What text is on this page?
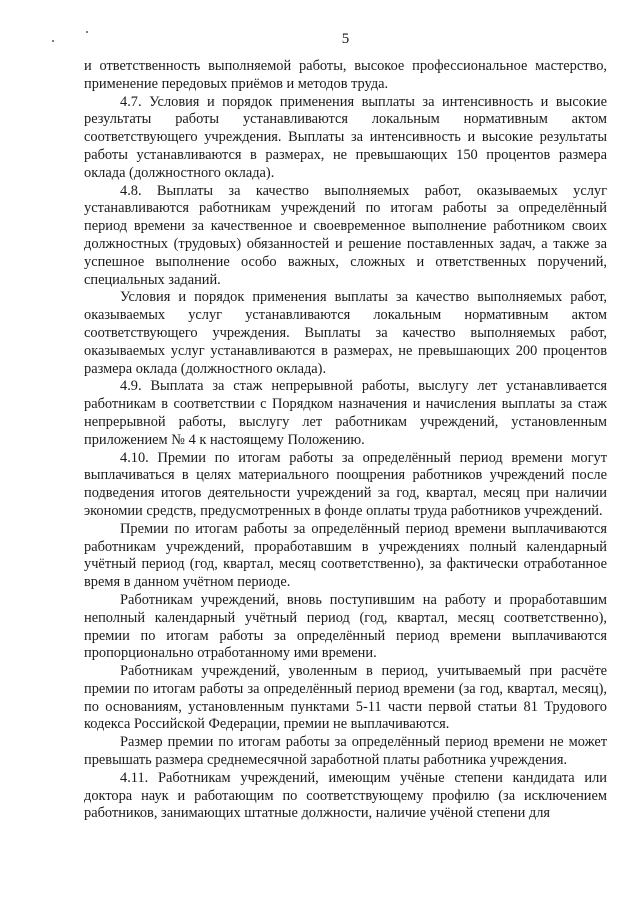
5

и ответственность выполняемой работы, высокое профессиональное мастерство, применение передовых приёмов и методов труда.

4.7. Условия и порядок применения выплаты за интенсивность и высокие результаты работы устанавливаются локальным нормативным актом соответствующего учреждения. Выплаты за интенсивность и высокие результаты работы устанавливаются в размерах, не превышающих 150 процентов размера оклада (должностного оклада).

4.8. Выплаты за качество выполняемых работ, оказываемых услуг устанавливаются работникам учреждений по итогам работы за определённый период времени за качественное и своевременное выполнение работником своих должностных (трудовых) обязанностей и решение поставленных задач, а также за успешное выполнение особо важных, сложных и ответственных поручений, специальных заданий.

Условия и порядок применения выплаты за качество выполняемых работ, оказываемых услуг устанавливаются локальным нормативным актом соответствующего учреждения. Выплаты за качество выполняемых работ, оказываемых услуг устанавливаются в размерах, не превышающих 200 процентов размера оклада (должностного оклада).

4.9. Выплата за стаж непрерывной работы, выслугу лет устанавливается работникам в соответствии с Порядком назначения и начисления выплаты за стаж непрерывной работы, выслугу лет работникам учреждений, установленным приложением № 4 к настоящему Положению.

4.10. Премии по итогам работы за определённый период времени могут выплачиваться в целях материального поощрения работников учреждений после подведения итогов деятельности учреждений за год, квартал, месяц при наличии экономии средств, предусмотренных в фонде оплаты труда работников учреждений.

Премии по итогам работы за определённый период времени выплачиваются работникам учреждений, проработавшим в учреждениях полный календарный учётный период (год, квартал, месяц соответственно), за фактически отработанное время в данном учётном периоде.

Работникам учреждений, вновь поступившим на работу и проработавшим неполный календарный учётный период (год, квартал, месяц соответственно), премии по итогам работы за определённый период времени выплачиваются пропорционально отработанному ими времени.

Работникам учреждений, уволенным в период, учитываемый при расчёте премии по итогам работы за определённый период времени (за год, квартал, месяц), по основаниям, установленным пунктами 5-11 части первой статьи 81 Трудового кодекса Российской Федерации, премии не выплачиваются.

Размер премии по итогам работы за определённый период времени не может превышать размера среднемесячной заработной платы работника учреждения.

4.11. Работникам учреждений, имеющим учёные степени кандидата или доктора наук и работающим по соответствующему профилю (за исключением работников, занимающих штатные должности, наличие учёной степени для
